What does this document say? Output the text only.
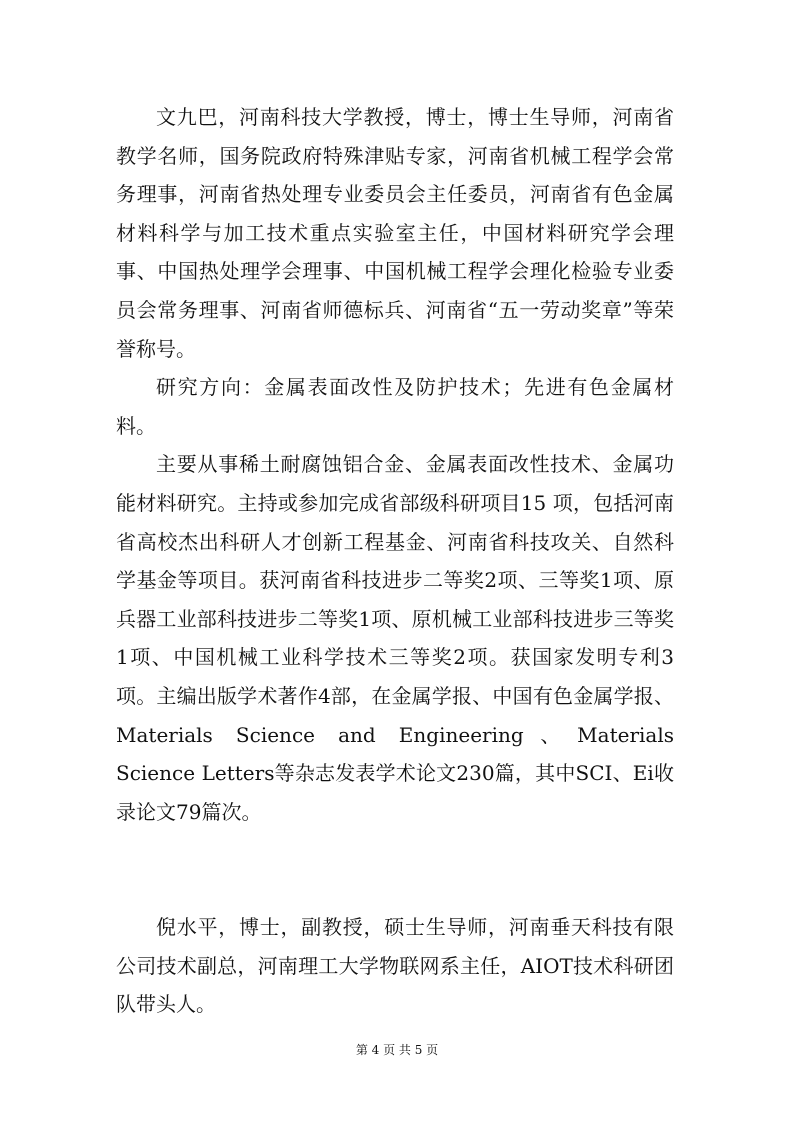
文九巴，河南科技大学教授，博士，博士生导师，河南省教学名师，国务院政府特殊津贴专家，河南省机械工程学会常务理事，河南省热处理专业委员会主任委员，河南省有色金属材料科学与加工技术重点实验室主任，中国材料研究学会理事、中国热处理学会理事、中国机械工程学会理化检验专业委员会常务理事、河南省师德标兵、河南省“五一劳动奖章”等荣誉称号。

研究方向：金属表面改性及防护技术；先进有色金属材料。

主要从事稀土耐腐蚀铝合金、金属表面改性技术、金属功能材料研究。主持或参加完成省部级科研项目15 项，包括河南省高校杰出科研人才创新工程基金、河南省科技攻关、自然科学基金等项目。获河南省科技进步二等奖2项、三等奖1项、原兵器工业部科技进步二等奖1项、原机械工业部科技进步三等奖1项、中国机械工业科学技术三等奖2项。获国家发明专利3项。主编出版学术著作4部，在金属学报、中国有色金属学报、Materials Science and Engineering、Materials Science Letters等杂志发表学术论文230篇，其中SCI、Ei收录论文79篇次。

倪水平，博士，副教授，硕士生导师，河南垂天科技有限公司技术副总，河南理工大学物联网系主任，AIOT技术科研团队带头人。

第 4 页 共 5 页
